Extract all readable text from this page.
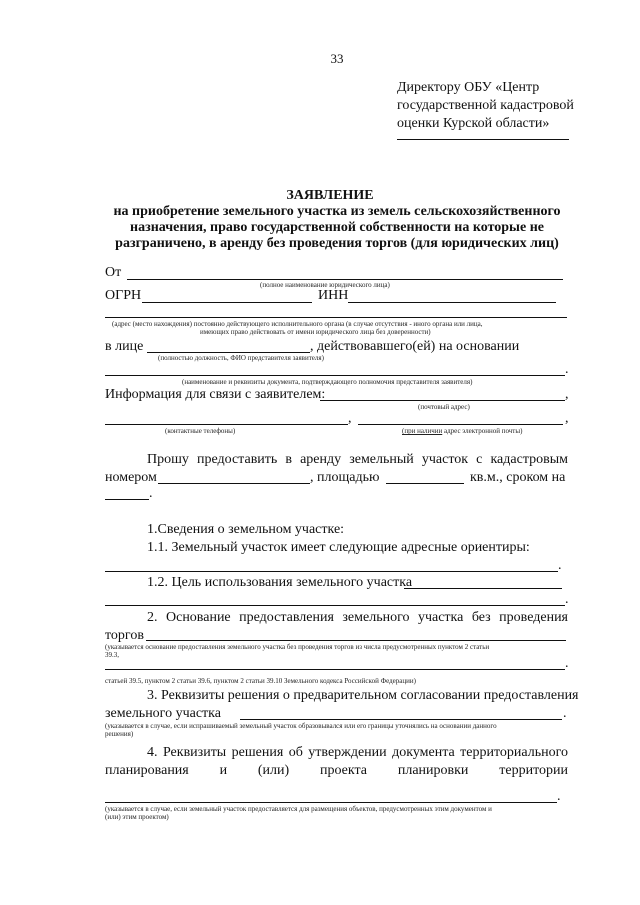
33
Директору ОБУ «Центр
государственной кадастровой
оценки Курской области»
ЗАЯВЛЕНИЕ
на приобретение земельного участка из земель сельскохозяйственного
назначения, право государственной собственности на которые не
разграничено, в аренду без проведения торгов (для юридических лиц)
От
(полное наименование юридического лица)
ОГРН	ИНН
(адрес (место нахождения) постоянно действующего исполнительного органа (в случае отсутствия - иного органа или лица,
имеющих право действовать от имени юридического лица без доверенности)
в лице	, действовавшего(ей) на основании
(полностью должность, ФИО представителя заявителя)
.
(наименование и реквизиты документа, подтверждающего полномочия представителя заявителя)
Информация для связи с заявителем:	,
(почтовый адрес)
,	,
(контактные телефоны)	(при наличии адрес электронной почты)
Прошу предоставить в аренду земельный участок с кадастровым
номером	, площадью	кв.м., сроком на
.
1.Сведения о земельном участке:
1.1. Земельный участок имеет следующие адресные ориентиры:
.
1.2. Цель использования земельного участка
.
2. Основание предоставления земельного участка без проведения
торгов
(указывается основание предоставления земельного участка без проведения торгов из числа предусмотренных пунктом 2 статьи
39.3,
.
статьей 39.5, пунктом 2 статьи 39.6, пунктом 2 статьи 39.10 Земельного кодекса Российской Федерации)
3. Реквизиты решения о предварительном согласовании предоставления
земельного участка	.
(указывается в случае, если испрашиваемый земельный участок образовывался или его границы уточнялись на основании данного
решения)
4. Реквизиты решения об утверждении документа территориального
планирования и (или) проекта планировки территории
.
(указывается в случае, если земельный участок предоставляется для размещения объектов, предусмотренных этим документом и
(или) этим проектом)
